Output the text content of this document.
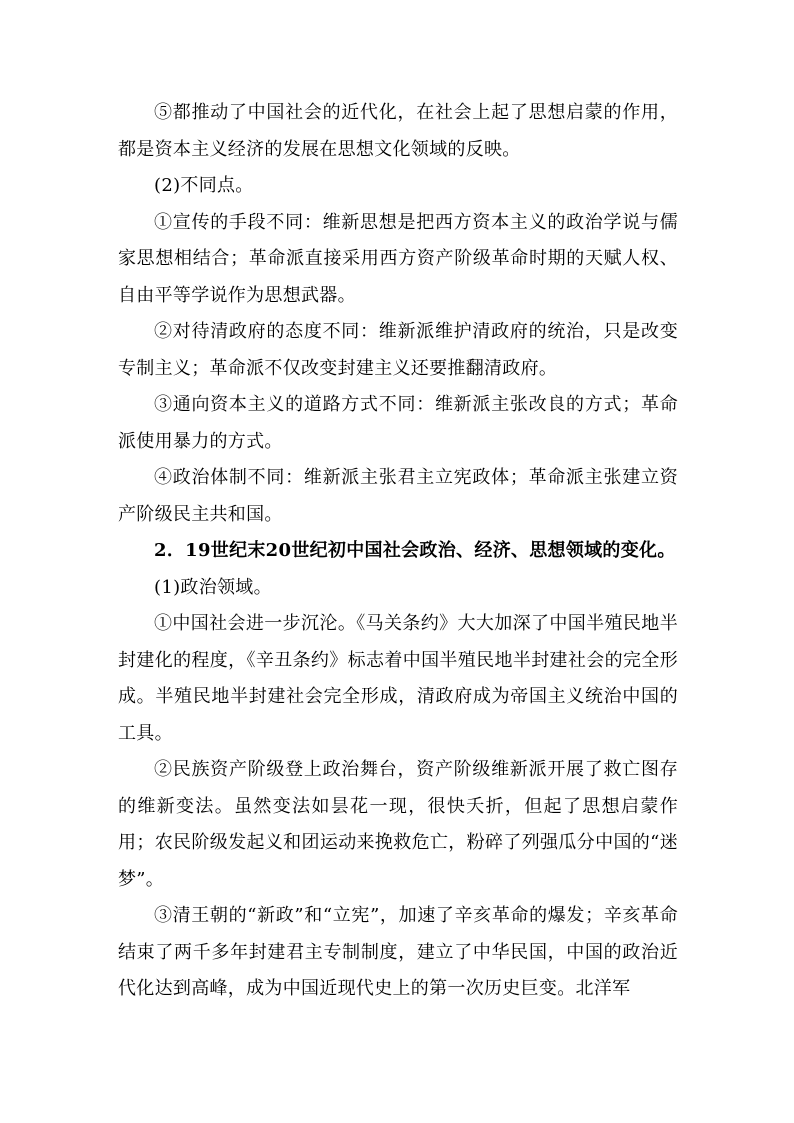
⑤都推动了中国社会的近代化，在社会上起了思想启蒙的作用，都是资本主义经济的发展在思想文化领域的反映。

(2)不同点。

①宣传的手段不同：维新思想是把西方资本主义的政治学说与儒家思想相结合；革命派直接采用西方资产阶级革命时期的天赋人权、自由平等学说作为思想武器。

②对待清政府的态度不同：维新派维护清政府的统治，只是改变专制主义；革命派不仅改变封建主义还要推翻清政府。

③通向资本主义的道路方式不同：维新派主张改良的方式；革命派使用暴力的方式。

④政治体制不同：维新派主张君主立宪政体；革命派主张建立资产阶级民主共和国。

2．19世纪末20世纪初中国社会政治、经济、思想领域的变化。

(1)政治领域。

①中国社会进一步沉沦。《马关条约》大大加深了中国半殖民地半封建化的程度，《辛丑条约》标志着中国半殖民地半封建社会的完全形成。半殖民地半封建社会完全形成，清政府成为帝国主义统治中国的工具。

②民族资产阶级登上政治舞台，资产阶级维新派开展了救亡图存的维新变法。虽然变法如昙花一现，很快夭折，但起了思想启蒙作用；农民阶级发起义和团运动来挽救危亡，粉碎了列强瓜分中国的“迷梦”。

③清王朝的“新政”和“立宪”，加速了辛亥革命的爆发；辛亥革命结束了两千多年封建君主专制制度，建立了中华民国，中国的政治近代化达到高峰，成为中国近现代史上的第一次历史巨变。北洋军
